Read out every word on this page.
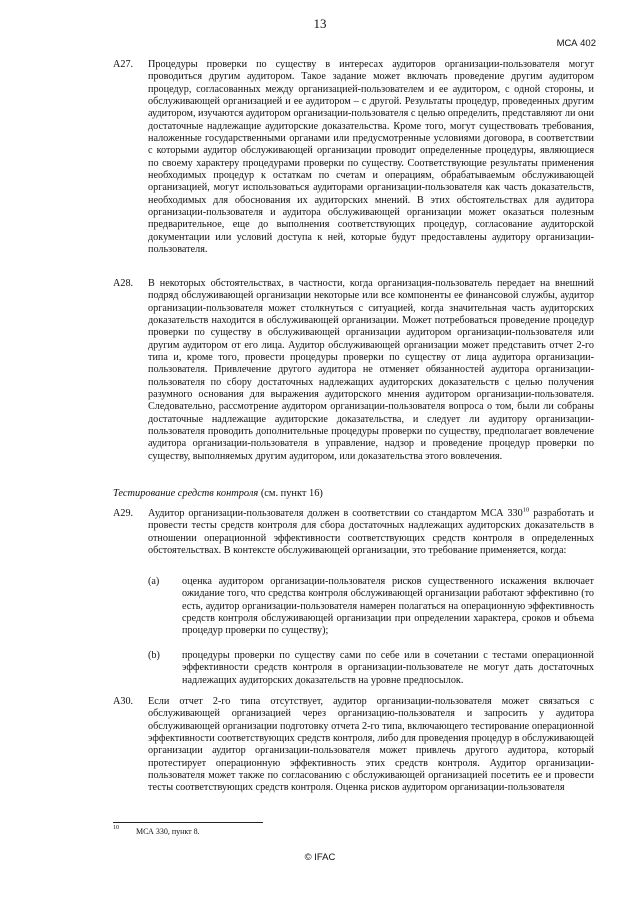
13
МСА 402
A27. Процедуры проверки по существу в интересах аудиторов организации-пользователя могут проводиться другим аудитором. Такое задание может включать проведение другим аудитором процедур, согласованных между организацией-пользователем и ее аудитором, с одной стороны, и обслуживающей организацией и ее аудитором – с другой. Результаты процедур, проведенных другим аудитором, изучаются аудитором организации-пользователя с целью определить, представляют ли они достаточные надлежащие аудиторские доказательства. Кроме того, могут существовать требования, наложенные государственными органами или предусмотренные условиями договора, в соответствии с которыми аудитор обслуживающей организации проводит определенные процедуры, являющиеся по своему характеру процедурами проверки по существу. Соответствующие результаты применения необходимых процедур к остаткам по счетам и операциям, обрабатываемым обслуживающей организацией, могут использоваться аудиторами организации-пользователя как часть доказательств, необходимых для обоснования их аудиторских мнений. В этих обстоятельствах для аудитора организации-пользователя и аудитора обслуживающей организации может оказаться полезным предварительное, еще до выполнения соответствующих процедур, согласование аудиторской документации или условий доступа к ней, которые будут предоставлены аудитору организации-пользователя.
A28. В некоторых обстоятельствах, в частности, когда организация-пользователь передает на внешний подряд обслуживающей организации некоторые или все компоненты ее финансовой службы, аудитор организации-пользователя может столкнуться с ситуацией, когда значительная часть аудиторских доказательств находится в обслуживающей организации. Может потребоваться проведение процедур проверки по существу в обслуживающей организации аудитором организации-пользователя или другим аудитором от его лица. Аудитор обслуживающей организации может представить отчет 2-го типа и, кроме того, провести процедуры проверки по существу от лица аудитора организации-пользователя. Привлечение другого аудитора не отменяет обязанностей аудитора организации-пользователя по сбору достаточных надлежащих аудиторских доказательств с целью получения разумного основания для выражения аудиторского мнения аудитором организации-пользователя. Следовательно, рассмотрение аудитором организации-пользователя вопроса о том, были ли собраны достаточные надлежащие аудиторские доказательства, и следует ли аудитору организации-пользователя проводить дополнительные процедуры проверки по существу, предполагает вовлечение аудитора организации-пользователя в управление, надзор и проведение процедур проверки по существу, выполняемых другим аудитором, или доказательства этого вовлечения.
Тестирование средств контроля (см. пункт 16)
A29. Аудитор организации-пользователя должен в соответствии со стандартом МСА $330^{10}$ разработать и провести тесты средств контроля для сбора достаточных надлежащих аудиторских доказательств в отношении операционной эффективности соответствующих средств контроля в определенных обстоятельствах. В контексте обслуживающей организации, это требование применяется, когда:
(a) оценка аудитором организации-пользователя рисков существенного искажения включает ожидание того, что средства контроля обслуживающей организации работают эффективно (то есть, аудитор организации-пользователя намерен полагаться на операционную эффективность средств контроля обслуживающей организации при определении характера, сроков и объема процедур проверки по существу);
(b) процедуры проверки по существу сами по себе или в сочетании с тестами операционной эффективности средств контроля в организации-пользователе не могут дать достаточных надлежащих аудиторских доказательств на уровне предпосылок.
A30. Если отчет 2-го типа отсутствует, аудитор организации-пользователя может связаться с обслуживающей организацией через организацию-пользователя и запросить у аудитора обслуживающей организации подготовку отчета 2-го типа, включающего тестирование операционной эффективности соответствующих средств контроля, либо для проведения процедур в обслуживающей организации аудитор организации-пользователя может привлечь другого аудитора, который протестирует операционную эффективность этих средств контроля. Аудитор организации-пользователя может также по согласованию с обслуживающей организацией посетить ее и провести тесты соответствующих средств контроля. Оценка рисков аудитором организации-пользователя
10 МСА 330, пункт 8.
© IFAC
